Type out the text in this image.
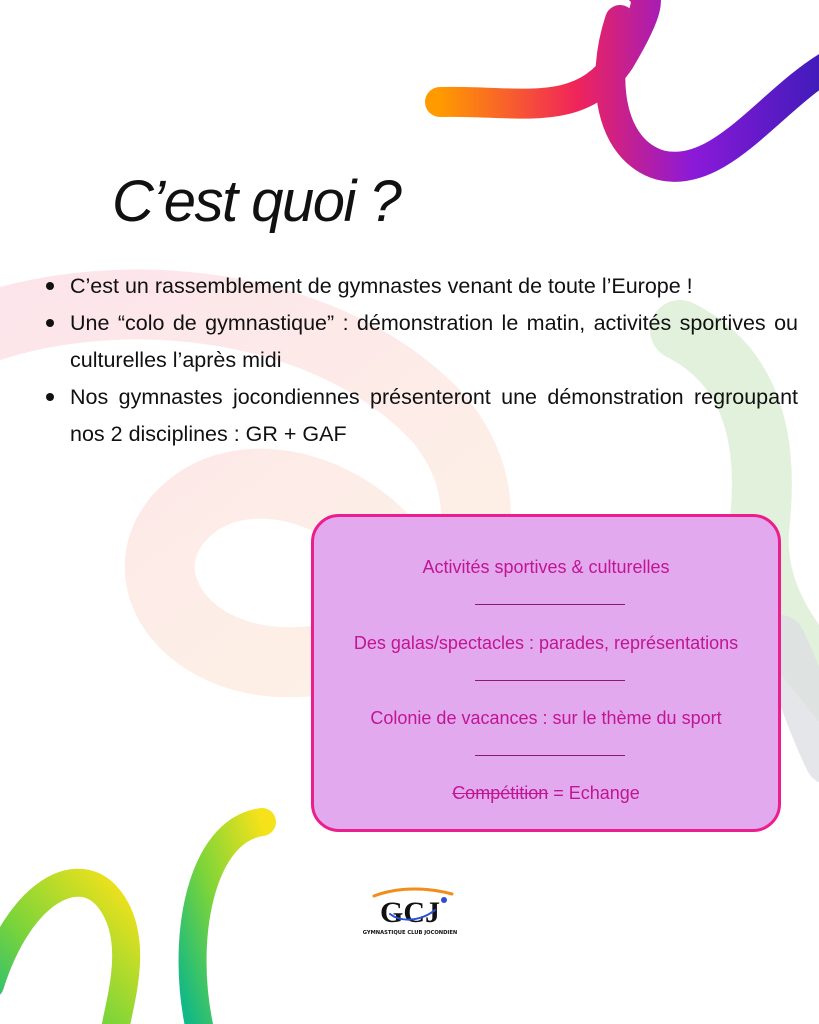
C’est quoi ?
C’est un rassemblement de gymnastes venant de toute l’Europe !
Une “colo de gymnastique” : démonstration le matin, activités sportives ou culturelles l’après midi
Nos gymnastes jocondiennes présenteront une démonstration regroupant nos 2 disciplines : GR + GAF
Activités sportives & culturelles
Des galas/spectacles : parades, représentations
Colonie de vacances : sur le thème du sport
Compétition = Echange
GCJ
GYMNASTIQUE CLUB JOCONDIEN
